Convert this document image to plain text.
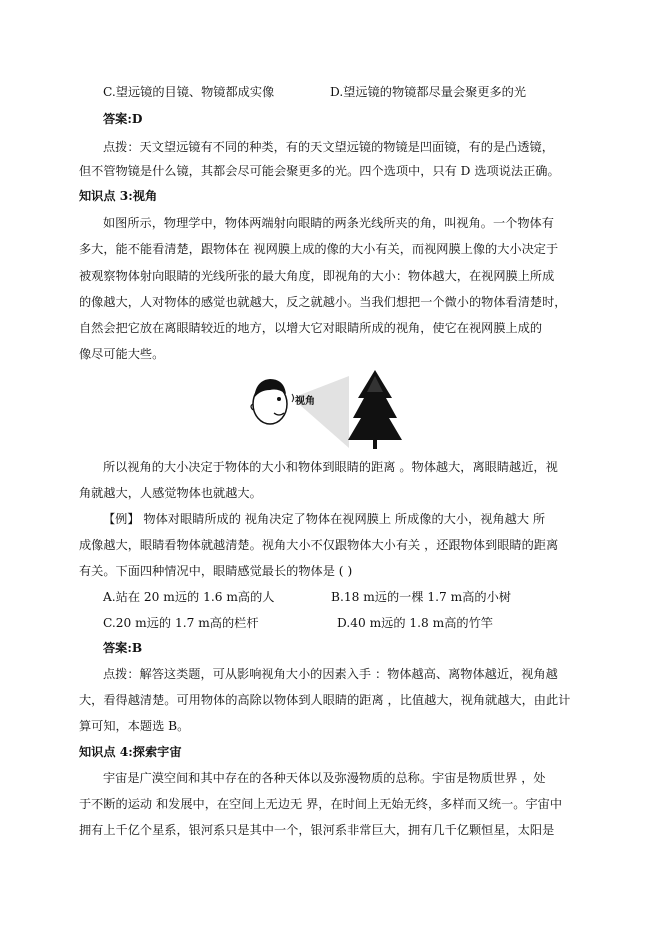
C.望远镜的目镜、物镜都成实像	D.望远镜的物镜都尽量会聚更多的光
答案:D
点拨：天文望远镜有不同的种类，有的天文望远镜的物镜是凹面镜，有的是凸透镜，
但不管物镜是什么镜，其都会尽可能会聚更多的光。四个选项中，只有 D 选项说法正确。
知识点 3:视角
如图所示，物理学中，物体两端射向眼睛的两条光线所夹的角，叫视角。一个物体有
多大，能不能看清楚，跟物体在 视网膜上成的像的大小有关，而视网膜上像的大小决定于
被观察物体射向眼睛的光线所张的最大角度，即视角的大小：物体越大，在视网膜上所成
的像越大，人对物体的感觉也就越大，反之就越小。当我们想把一个微小的物体看清楚时，
自然会把它放在离眼睛较近的地方，以增大它对眼睛所成的视角，使它在视网膜上成的
像尽可能大些。
视角
所以视角的大小决定于物体的大小和物体到眼睛的距离 。物体越大，离眼睛越近，视
角就越大，人感觉物体也就越大。
【例】 物体对眼睛所成的 视角决定了物体在视网膜上 所成像的大小，视角越大 所
成像越大，眼睛看物体就越清楚。视角大小不仅跟物体大小有关 ，还跟物体到眼睛的距离
有关。下面四种情况中，眼睛感觉最长的物体是 ( )
A.站在 20 m远的 1.6 m高的人	B.18 m远的一棵 1.7 m高的小树
C.20 m远的 1.7 m高的栏杆	D.40 m远的 1.8 m高的竹竿
答案:B
点拨：解答这类题，可从影响视角大小的因素入手 ：物体越高、离物体越近，视角越
大，看得越清楚。可用物体的高除以物体到人眼睛的距离 ，比值越大，视角就越大，由此计
算可知，本题选 B。
知识点 4:探索宇宙
宇宙是广漠空间和其中存在的各种天体以及弥漫物质的总称。宇宙是物质世界 ，处
于不断的运动 和发展中，在空间上无边无 界，在时间上无始无终，多样而又统一。宇宙中
拥有上千亿个星系，银河系只是其中一个，银河系非常巨大，拥有几千亿颗恒星，太阳是
